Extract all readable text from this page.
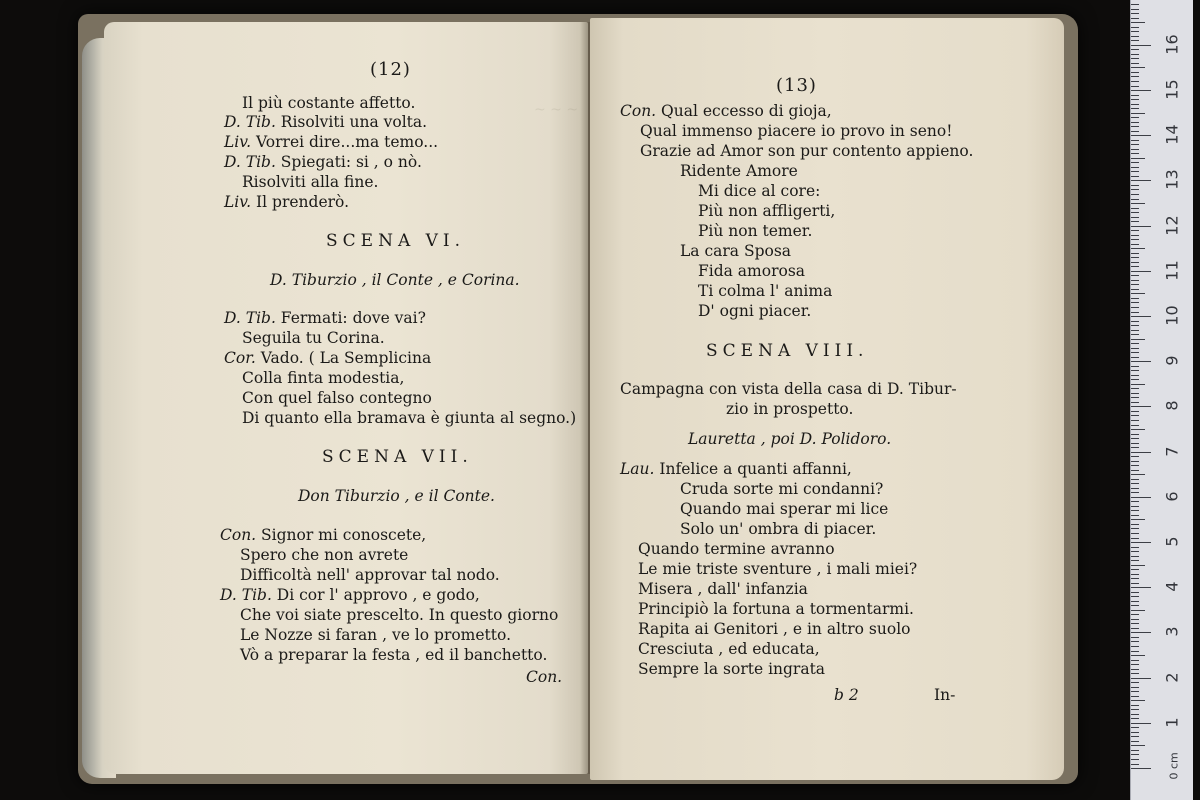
~ ~ ~
(12)
Il più costante affetto.
D. Tib. Risolviti una volta.
Liv. Vorrei dire...ma temo...
D. Tib. Spiegati: si , o nò.
Risolviti alla fine.
Liv. Il prenderò.
SCENA VI.
D. Tiburzio , il Conte , e Corina.
D. Tib. Fermati: dove vai?
Seguila tu Corina.
Cor. Vado. ( La Semplicina
Colla finta modestia,
Con quel falso contegno
Di quanto ella bramava è giunta al segno.)
SCENA VII.
Don Tiburzio , e il Conte.
Con. Signor mi conoscete,
Spero che non avrete
Difficoltà nell' approvar tal nodo.
D. Tib. Di cor l' approvo , e godo,
Che voi siate prescelto. In questo giorno
Le Nozze si faran , ve lo prometto.
Vò a preparar la festa , ed il banchetto.
Con.
(13)
Con. Qual eccesso di gioja,
Qual immenso piacere io provo in seno!
Grazie ad Amor son pur contento appieno.
Ridente Amore
Mi dice al core:
Più non affligerti,
Più non temer.
La cara Sposa
Fida amorosa
Ti colma l' anima
D' ogni piacer.
SCENA VIII.
Campagna con vista della casa di D. Tibur-
zio in prospetto.
Lauretta , poi D. Polidoro.
Lau. Infelice a quanti affanni,
Cruda sorte mi condanni?
Quando mai sperar mi lice
Solo un' ombra di piacer.
Quando termine avranno
Le mie triste sventure , i mali miei?
Misera , dall' infanzia
Principiò la fortuna a tormentarmi.
Rapita ai Genitori , e in altro suolo
Cresciuta , ed educata,
Sempre la sorte ingrata
b 2	In-
0 cm
1
2
3
4
5
6
7
8
9
10
11
12
13
14
15
16
